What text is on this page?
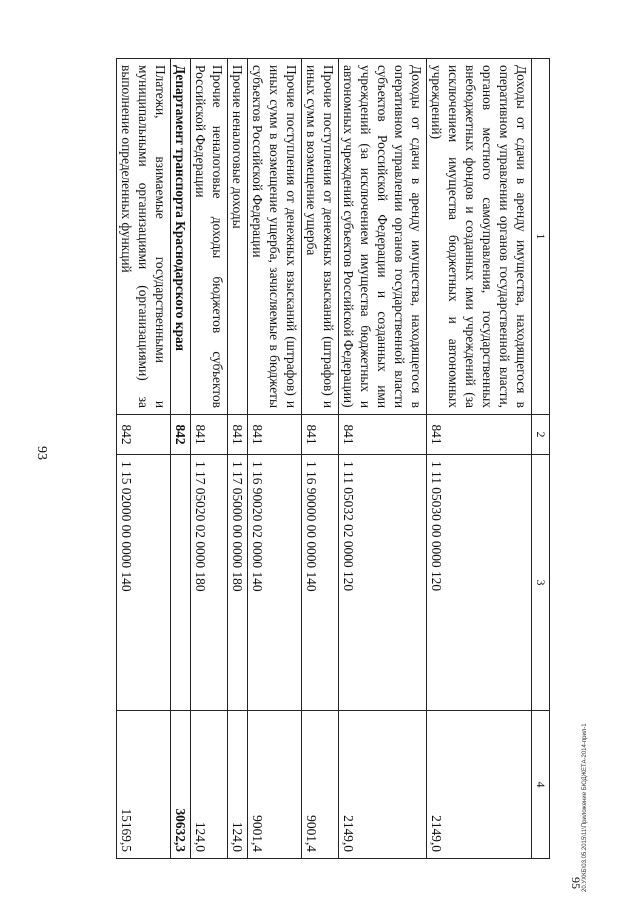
93
1	2	3	4
Доходы от сдачи в аренду имущества, находящегося в оперативном управлении органов государственной власти, органов местного самоуправления, государственных внебюджетных фондов и созданных ими учреждений (за исключением имущества бюджетных и автономных учреждений)	841	1 11 05030 00 0000 120	2149,0
Доходы от сдачи в аренду имущества, находящегося в оперативном управлении органов государственной власти субъектов Российской Федерации и созданных ими учреждений (за исключением имущества бюджетных и автономных учреждений субъектов Российской Федерации)	841	1 11 05032 02 0000 120	2149,0
Прочие поступления от денежных взысканий (штрафов) и иных сумм в возмещение ущерба	841	1 16 90000 00 0000 140	9001,4
Прочие поступления от денежных взысканий (штрафов) и иных сумм в возмещение ущерба, зачисляемые в бюджеты субъектов Российской Федерации	841	1 16 90020 02 0000 140	9001,4
Прочие неналоговые доходы	841	1 17 05000 00 0000 180	124,0
Прочие неналоговые доходы бюджетов субъектов Российской Федерации	841	1 17 05020 02 0000 180	124,0
Департамент транспорта Краснодарского края	842		30632,3
Платежи, взимаемые государственными и муниципальными организациями (организациями) за выполнение определенных функций	842	1 15 02000 00 0000 140	15169,5	20.УХКБ\03.05.2015\11\Приложение БЮДЖЕТА-2014-прил-1
95
